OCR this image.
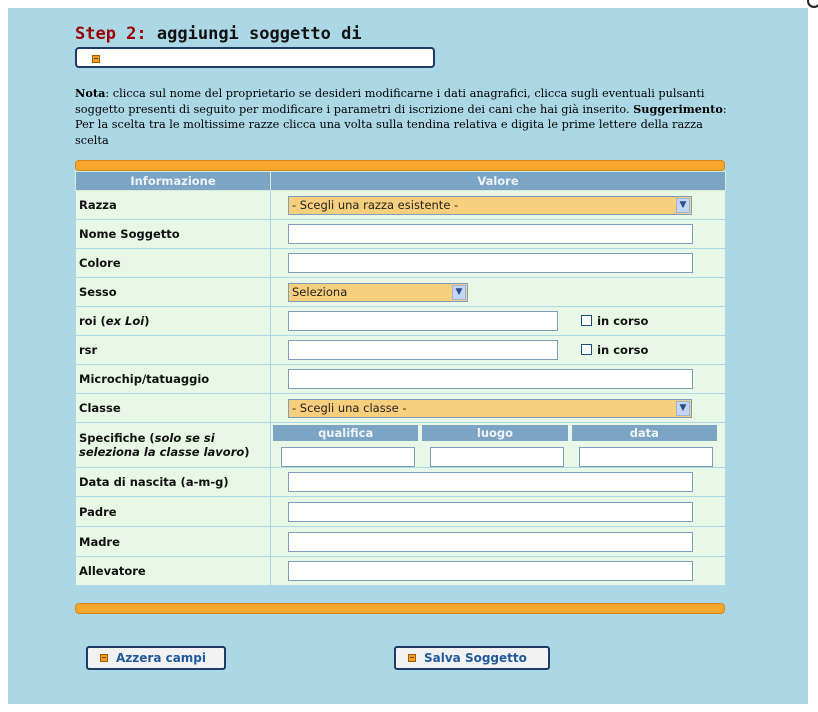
Step 2: aggiungi soggetto di

Nota: clicca sul nome del proprietario se desideri modificarne i dati anagrafici, clicca sugli eventuali pulsanti soggetto presenti di seguito per modificare i parametri di iscrizione dei cani che hai già inserito. Suggerimento: Per la scelta tra le moltissime razze clicca una volta sulla tendina relativa e digita le prime lettere della razza scelta

Informazione	Valore
Razza	- Scegli una razza esistente - ▼

Nome Soggetto	

Colore	

Sesso	Seleziona ▼

roi (ex Loi)	in corso
rsr	in corso
Microchip/tatuaggio	

Classe	- Scegli una classe - ▼

Specifiche (solo se si seleziona la classe lavoro)	qualifica luogo data

Data di nascita (a-m-g)	

Padre	

Madre	

Allevatore	
Azzera campi	Salva Soggetto
